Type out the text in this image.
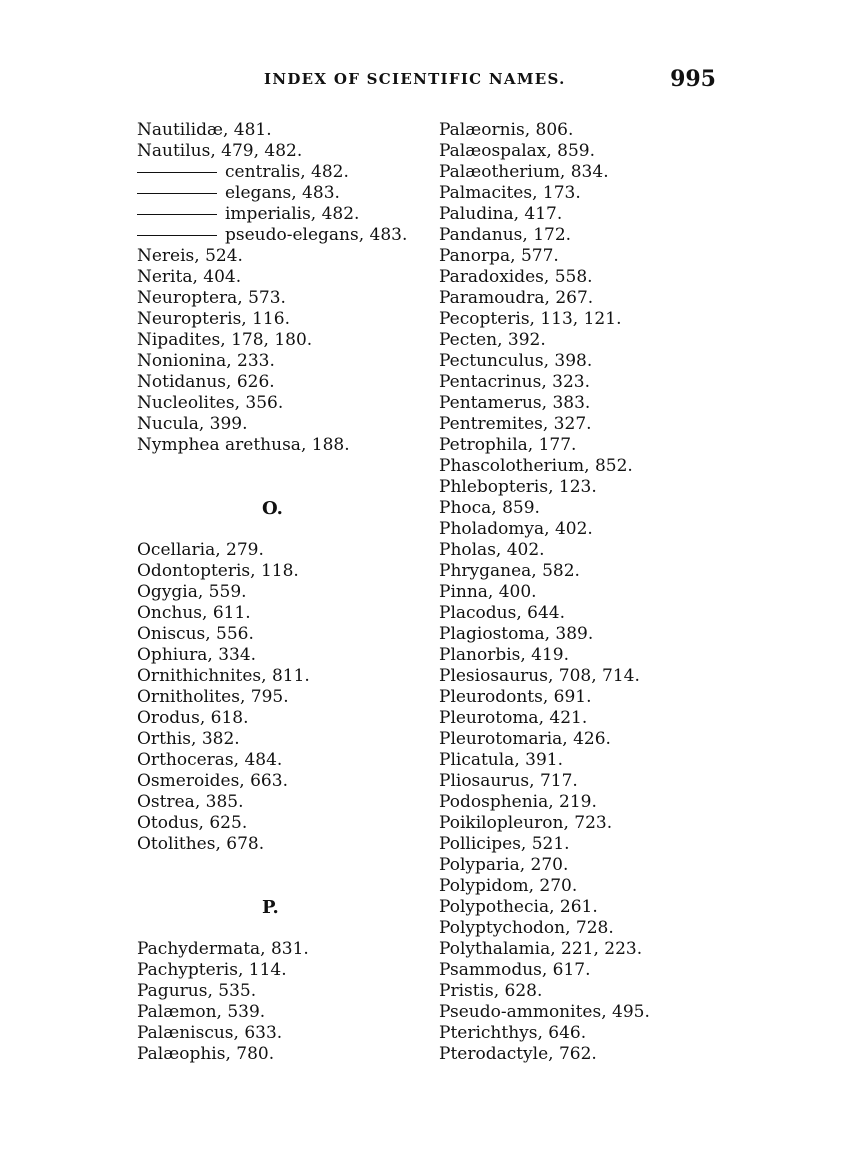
INDEX OF SCIENTIFIC NAMES.	995
Nautilidæ, 481.
Nautilus, 479, 482.
centralis, 482.
elegans, 483.
imperialis, 482.
pseudo-elegans, 483.
Nereis, 524.
Nerita, 404.
Neuroptera, 573.
Neuropteris, 116.
Nipadites, 178, 180.
Nonionina, 233.
Notidanus, 626.
Nucleolites, 356.
Nucula, 399.
Nymphea arethusa, 188.
O.
Ocellaria, 279.
Odontopteris, 118.
Ogygia, 559.
Onchus, 611.
Oniscus, 556.
Ophiura, 334.
Ornithichnites, 811.
Ornitholites, 795.
Orodus, 618.
Orthis, 382.
Orthoceras, 484.
Osmeroides, 663.
Ostrea, 385.
Otodus, 625.
Otolithes, 678.
P.
Pachydermata, 831.
Pachypteris, 114.
Pagurus, 535.
Palæmon, 539.
Palæniscus, 633.
Palæophis, 780.
Palæornis, 806.
Palæospalax, 859.
Palæotherium, 834.
Palmacites, 173.
Paludina, 417.
Pandanus, 172.
Panorpa, 577.
Paradoxides, 558.
Paramoudra, 267.
Pecopteris, 113, 121.
Pecten, 392.
Pectunculus, 398.
Pentacrinus, 323.
Pentamerus, 383.
Pentremites, 327.
Petrophila, 177.
Phascolotherium, 852.
Phlebopteris, 123.
Phoca, 859.
Pholadomya, 402.
Pholas, 402.
Phryganea, 582.
Pinna, 400.
Placodus, 644.
Plagiostoma, 389.
Planorbis, 419.
Plesiosaurus, 708, 714.
Pleurodonts, 691.
Pleurotoma, 421.
Pleurotomaria, 426.
Plicatula, 391.
Pliosaurus, 717.
Podosphenia, 219.
Poikilopleuron, 723.
Pollicipes, 521.
Polyparia, 270.
Polypidom, 270.
Polypothecia, 261.
Polyptychodon, 728.
Polythalamia, 221, 223.
Psammodus, 617.
Pristis, 628.
Pseudo-ammonites, 495.
Pterichthys, 646.
Pterodactyle, 762.
